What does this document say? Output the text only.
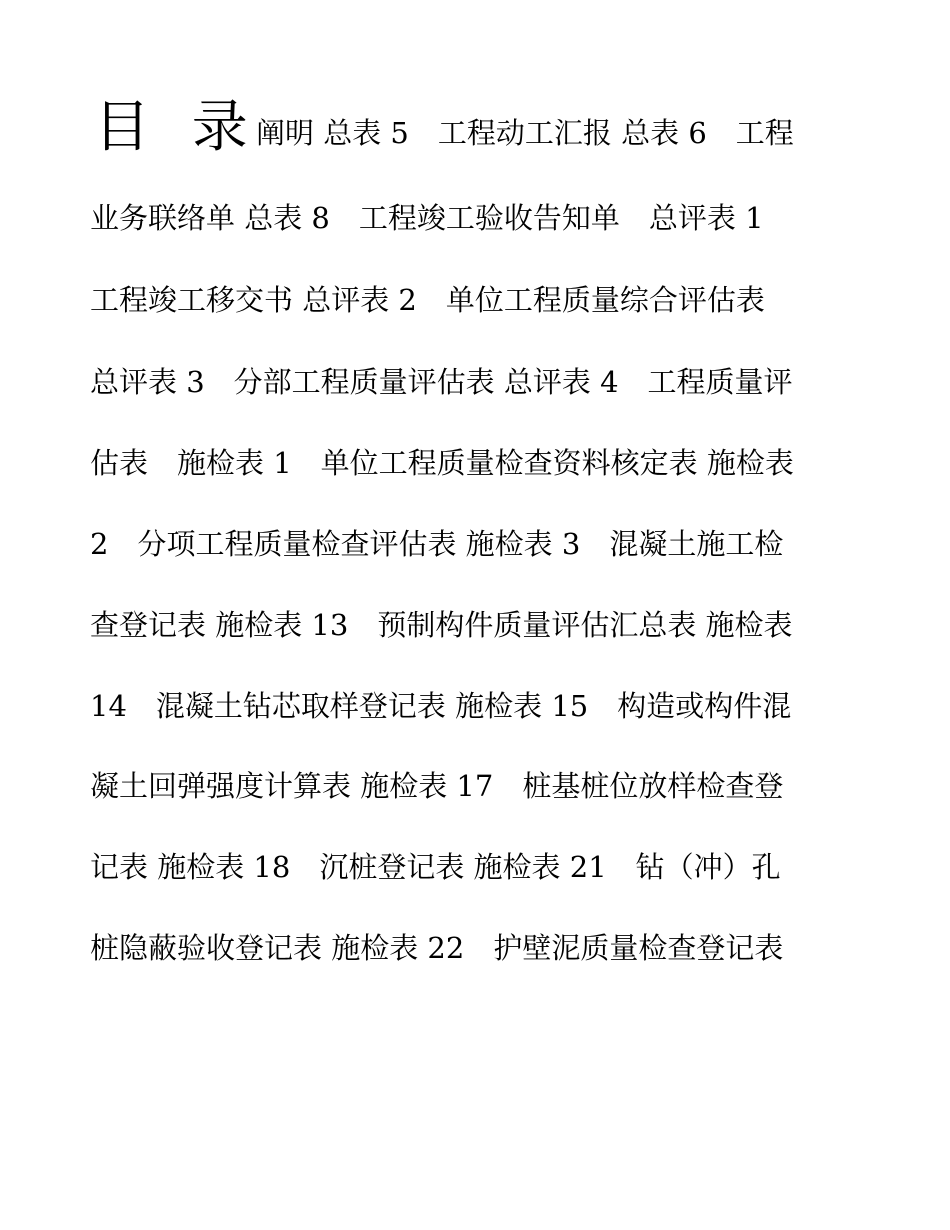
目 录
阐明 总表 5　工程动工汇报 总表 6　工程
业务联络单 总表 8　工程竣工验收告知单　总评表 1
工程竣工移交书 总评表 2　单位工程质量综合评估表
总评表 3　分部工程质量评估表 总评表 4　工程质量评
估表　施检表 1　单位工程质量检查资料核定表 施检表
2　分项工程质量检查评估表 施检表 3　混凝土施工检
查登记表 施检表 13　预制构件质量评估汇总表 施检表
14　混凝土钻芯取样登记表 施检表 15　构造或构件混
凝土回弹强度计算表 施检表 17　桩基桩位放样检查登
记表 施检表 18　沉桩登记表 施检表 21　钻（冲）孔
桩隐蔽验收登记表 施检表 22　护壁泥质量检查登记表
